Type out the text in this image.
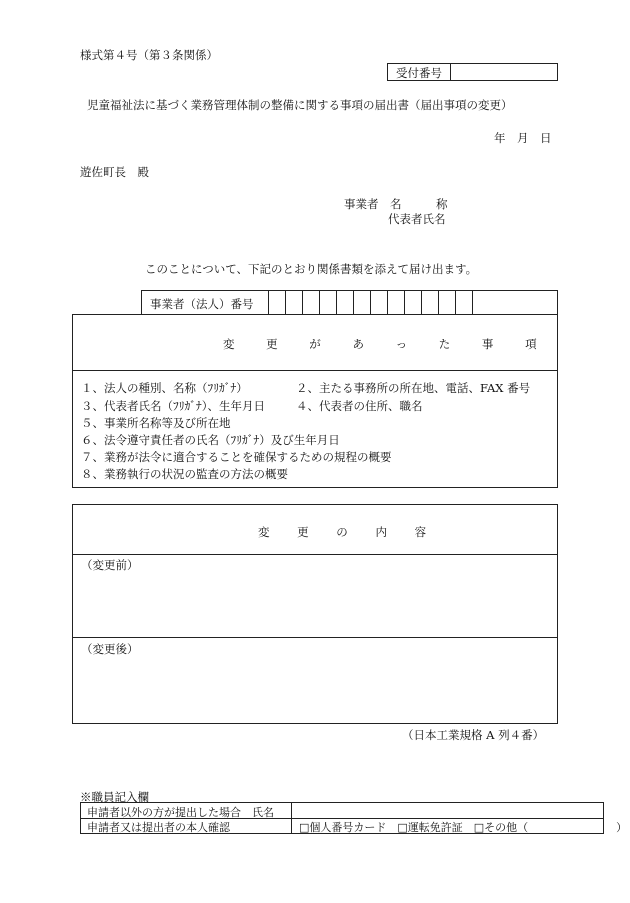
様式第４号（第３条関係）
受付番号
児童福祉法に基づく業務管理体制の整備に関する事項の届出書（届出事項の変更）
年　月　日
遊佐町長　殿
事業者　名　　　称
代表者氏名
このことについて、下記のとおり関係書類を添えて届け出ます。
事業者（法人）番号
変 更 が あ っ た 事 項
１、法人の種別、名称（ﾌﾘｶﾞﾅ）	２、主たる事務所の所在地、電話、FAX 番号
３、代表者氏名（ﾌﾘｶﾞﾅ）、生年月日	４、代表者の住所、職名
５、事業所名称等及び所在地
６、法令遵守責任者の氏名（ﾌﾘｶﾞﾅ）及び生年月日
７、業務が法令に適合することを確保するための規程の概要
８、業務執行の状況の監査の方法の概要
変 更 の 内 容
（変更前）
（変更後）
（日本工業規格 A 列４番）
※職員記入欄
申請者以外の方が提出した場合　氏名
申請者又は提出者の本人確認	□個人番号カード　□運転免許証　□その他（　　　　　　　　）
